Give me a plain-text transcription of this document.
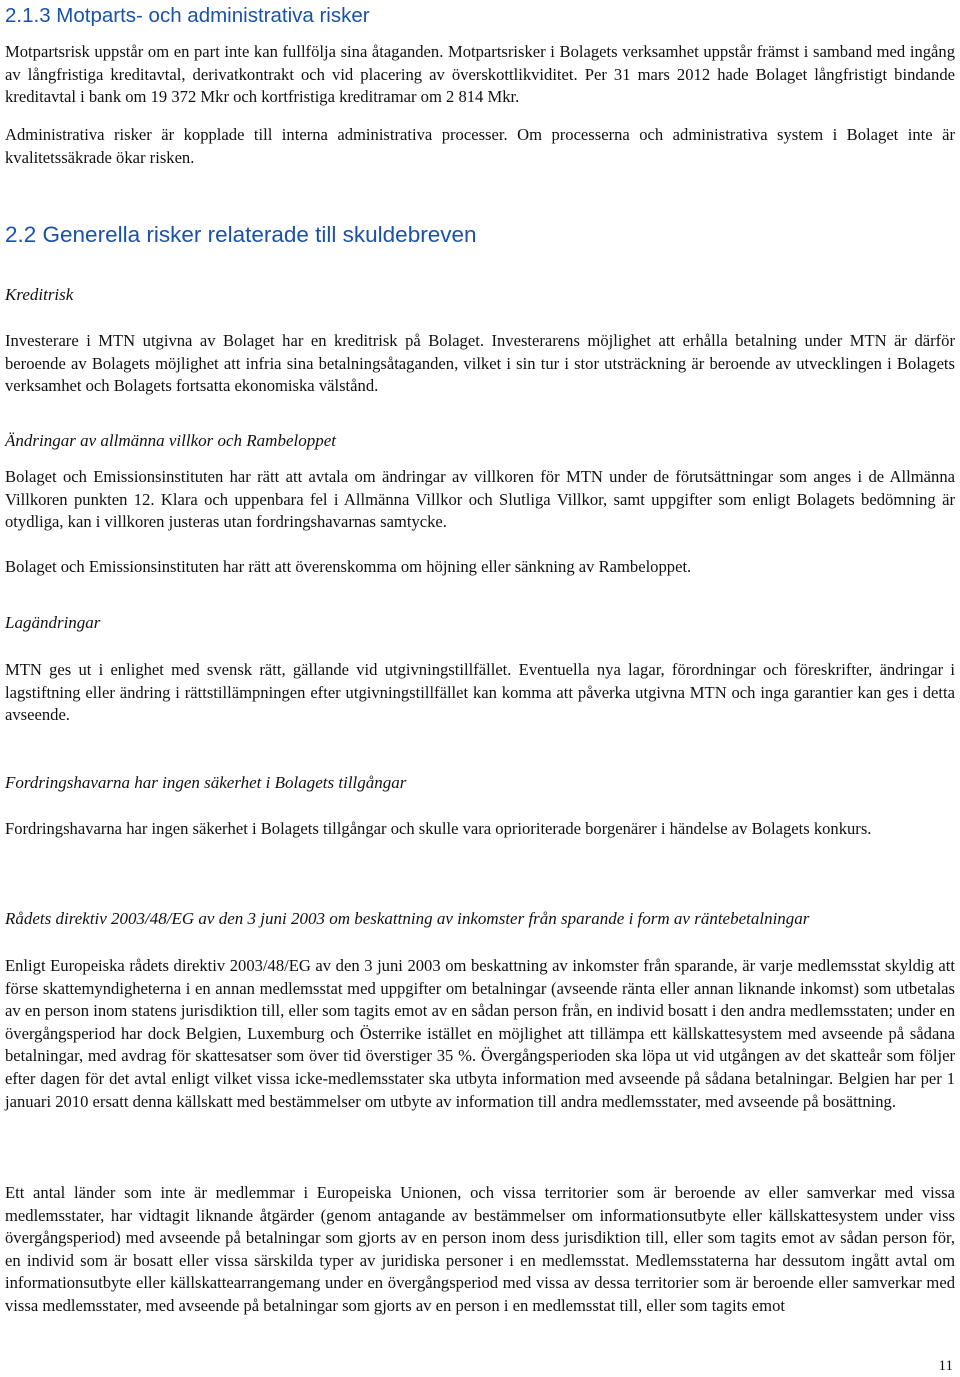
2.1.3 Motparts- och administrativa risker

Motpartsrisk uppstår om en part inte kan fullfölja sina åtaganden. Motpartsrisker i Bolagets verksamhet uppstår främst i samband med ingång av långfristiga kreditavtal, derivatkontrakt och vid placering av överskottlikviditet. Per 31 mars 2012 hade Bolaget långfristigt bindande kreditavtal i bank om 19 372 Mkr och kortfristiga kreditramar om 2 814 Mkr.

Administrativa risker är kopplade till interna administrativa processer. Om processerna och administrativa system i Bolaget inte är kvalitetssäkrade ökar risken.

2.2 Generella risker relaterade till skuldebreven

Kreditrisk

Investerare i MTN utgivna av Bolaget har en kreditrisk på Bolaget. Investerarens möjlighet att erhålla betalning under MTN är därför beroende av Bolagets möjlighet att infria sina betalningsåtaganden, vilket i sin tur i stor utsträckning är beroende av utvecklingen i Bolagets verksamhet och Bolagets fortsatta ekonomiska välstånd.

Ändringar av allmänna villkor och Rambeloppet

Bolaget och Emissionsinstituten har rätt att avtala om ändringar av villkoren för MTN under de förutsättningar som anges i de Allmänna Villkoren punkten 12. Klara och uppenbara fel i Allmänna Villkor och Slutliga Villkor, samt uppgifter som enligt Bolagets bedömning är otydliga, kan i villkoren justeras utan fordringshavarnas samtycke.

Bolaget och Emissionsinstituten har rätt att överenskomma om höjning eller sänkning av Rambeloppet.

Lagändringar

MTN ges ut i enlighet med svensk rätt, gällande vid utgivningstillfället. Eventuella nya lagar, förordningar och föreskrifter, ändringar i lagstiftning eller ändring i rättstillämpningen efter utgivningstillfället kan komma att påverka utgivna MTN och inga garantier kan ges i detta avseende.

Fordringshavarna har ingen säkerhet i Bolagets tillgångar

Fordringshavarna har ingen säkerhet i Bolagets tillgångar och skulle vara oprioriterade borgenärer i händelse av Bolagets konkurs.

Rådets direktiv 2003/48/EG av den 3 juni 2003 om beskattning av inkomster från sparande i form av räntebetalningar

Enligt Europeiska rådets direktiv 2003/48/EG av den 3 juni 2003 om beskattning av inkomster från sparande, är varje medlemsstat skyldig att förse skattemyndigheterna i en annan medlemsstat med uppgifter om betalningar (avseende ränta eller annan liknande inkomst) som utbetalas av en person inom statens jurisdiktion till, eller som tagits emot av en sådan person från, en individ bosatt i den andra medlemsstaten; under en övergångsperiod har dock Belgien, Luxemburg och Österrike istället en möjlighet att tillämpa ett källskattesystem med avseende på sådana betalningar, med avdrag för skattesatser som över tid överstiger 35 %. Övergångsperioden ska löpa ut vid utgången av det skatteår som följer efter dagen för det avtal enligt vilket vissa icke-medlemsstater ska utbyta information med avseende på sådana betalningar. Belgien har per 1 januari 2010 ersatt denna källskatt med bestämmelser om utbyte av information till andra medlemsstater, med avseende på bosättning.

Ett antal länder som inte är medlemmar i Europeiska Unionen, och vissa territorier som är beroende av eller samverkar med vissa medlemsstater, har vidtagit liknande åtgärder (genom antagande av bestämmelser om informationsutbyte eller källskattesystem under viss övergångsperiod) med avseende på betalningar som gjorts av en person inom dess jurisdiktion till, eller som tagits emot av sådan person för, en individ som är bosatt eller vissa särskilda typer av juridiska personer i en medlemsstat. Medlemsstaterna har dessutom ingått avtal om informationsutbyte eller källskattearrangemang under en övergångsperiod med vissa av dessa territorier som är beroende eller samverkar med vissa medlemsstater, med avseende på betalningar som gjorts av en person i en medlemsstat till, eller som tagits emot

11
